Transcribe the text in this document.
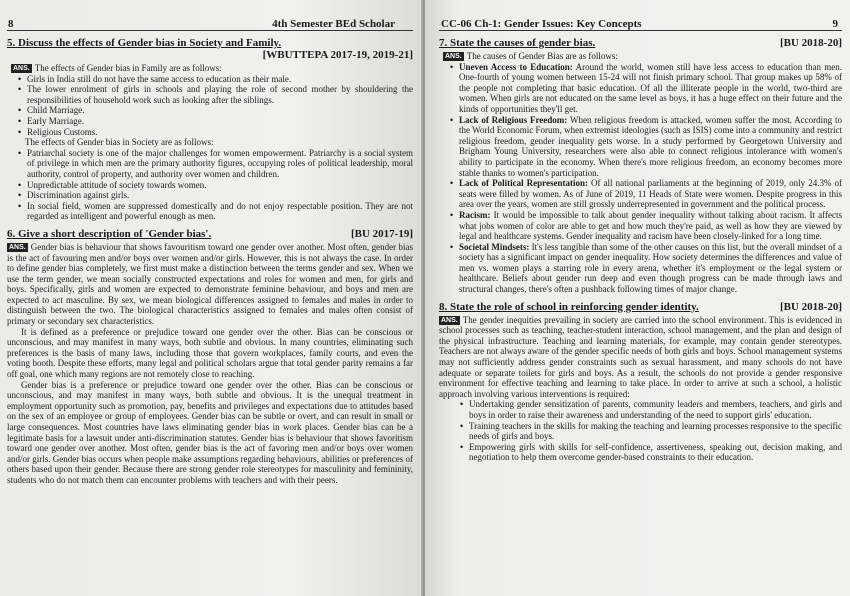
8	4th Semester BEd Scholar
5. Discuss the effects of Gender bias in Society and Family.

[WBUTTEPA 2017-19, 2019-21]

ANS. The effects of Gender bias in Family are as follows:

• Girls in India still do not have the same access to education as their male.
• The lower enrolment of girls in schools and playing the role of second mother by shouldering the responsibilities of household work such as looking after the siblings.
• Child Marriage.
• Early Marriage.
• Religious Customs.

The effects of Gender bias in Society are as follows:

• Patriarchal society is one of the major challenges for women empowerment. Patriarchy is a social system of privilege in which men are the primary authority figures, occupying roles of political leadership, moral authority, control of property, and authority over women and children.
• Unpredictable attitude of society towards women.
• Discrimination against girls.
• In social field, women are suppressed domestically and do not enjoy respectable position. They are not regarded as intelligent and powerful enough as men.
6. Give a short description of 'Gender bias'.	[BU 2017-19]

ANS. Gender bias is behaviour that shows favouritism toward one gender over another. Most often, gender bias is the act of favouring men and/or boys over women and/or girls. However, this is not always the case. In order to define gender bias completely, we first must make a distinction between the terms gender and sex. When we use the term gender, we mean socially constructed expectations and roles for women and men, for girls and boys. Specifically, girls and women are expected to demonstrate feminine behaviour, and boys and men are expected to act masculine. By sex, we mean biological differences assigned to females and males in order to distinguish between the two. The biological characteristics assigned to females and males often consist of primary or secondary sex characteristics.

It is defined as a preference or prejudice toward one gender over the other. Bias can be conscious or unconscious, and may manifest in many ways, both subtle and obvious. In many countries, eliminating such preferences is the basis of many laws, including those that govern workplaces, family courts, and even the voting booth. Despite these efforts, many legal and political scholars argue that total gender parity remains a far off goal, one which many regions are not remotely close to reaching.

Gender bias is a preference or prejudice toward one gender over the other. Bias can be conscious or unconscious, and may manifest in many ways, both subtle and obvious. It is the unequal treatment in employment opportunity such as promotion, pay, benefits and privileges and expectations due to attitudes based on the sex of an employee or group of employees. Gender bias can be subtle or overt, and can result in small or large consequences. Most countries have laws eliminating gender bias in work places. Gender bias can be a legitimate basis for a lawsuit under anti-discrimination statutes. Gender bias is behaviour that shows favoritism toward one gender over another. Most often, gender bias is the act of favoring men and/or boys over women and/or girls. Gender bias occurs when people make assumptions regarding behaviours, abilities or preferences of others based upon their gender. Because there are strong gender role stereotypes for masculinity and femininity, students who do not match them can encounter problems with teachers and with their peers.

CC-06 Ch-1: Gender Issues: Key Concepts	9
7. State the causes of gender bias.	[BU 2018-20]

ANS. The causes of Gender Bias are as follows:

• Uneven Access to Education: Around the world, women still have less access to education than men. One-fourth of young women between 15-24 will not finish primary school. That group makes up 58% of the people not completing that basic education. Of all the illiterate people in the world, two-third are women. When girls are not educated on the same level as boys, it has a huge effect on their future and the kinds of opportunities they'll get.
• Lack of Religious Freedom: When religious freedom is attacked, women suffer the most. According to the World Economic Forum, when extremist ideologies (such as ISIS) come into a community and restrict religious freedom, gender inequality gets worse. In a study performed by Georgetown University and Brigham Young University, researchers were also able to connect religious intolerance with women's ability to participate in the economy. When there's more religious freedom, an economy becomes more stable thanks to women's participation.
• Lack of Political Representation: Of all national parliaments at the beginning of 2019, only 24.3% of seats were filled by women. As of June of 2019, 11 Heads of State were women. Despite progress in this area over the years, women are still grossly underrepresented in government and the political process.
• Racism: It would be impossible to talk about gender inequality without talking about racism. It affects what jobs women of color are able to get and how much they're paid, as well as how they are viewed by legal and healthcare systems. Gender inequality and racism have been closely-linked for a long time.
• Societal Mindsets: It's less tangible than some of the other causes on this list, but the overall mindset of a society has a significant impact on gender inequality. How society determines the differences and value of men vs. women plays a starring role in every arena, whether it's employment or the legal system or healthcare. Beliefs about gender run deep and even though progress can be made through laws and structural changes, there's often a pushback following times of major change.
8. State the role of school in reinforcing gender identity.	[BU 2018-20]

ANS. The gender inequities prevailing in society are carried into the school environment. This is evidenced in school processes such as teaching, teacher-student interaction, school management, and the plan and design of the physical infrastructure. Teaching and learning materials, for example, may contain gender stereotypes. Teachers are not always aware of the gender specific needs of both girls and boys. School management systems may not sufficiently address gender constraints such as sexual harassment, and many schools do not have adequate or separate toilets for girls and boys. As a result, the schools do not provide a gender responsive environment for effective teaching and learning to take place. In order to arrive at such a school, a holistic approach involving various interventions is required:

• Undertaking gender sensitization of parents, community leaders and members, teachers, and girls and boys in order to raise their awareness and understanding of the need to support girls' education.
• Training teachers in the skills for making the teaching and learning processes responsive to the specific needs of girls and boys.
• Empowering girls with skills for self-confidence, assertiveness, speaking out, decision making, and negotiation to help them overcome gender-based constraints to their education.
